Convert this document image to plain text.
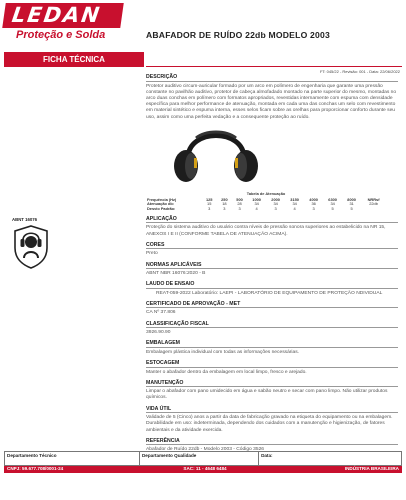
LEDAN
Proteção e Solda	ABAFADOR DE RUÍDO 22db MODELO 2003
FICHA TÉCNICA
FT: 045/22 - Revisão: 001 - Data: 22/06/2022
ABNT 16076
DESCRIÇÃO
Protetor auditivo circum-auricular formado por um arco em polímero de engenharia que garante uma pressão constante no pavilhão auditivo, protetor de cabeça almofadado montado na parte superior do mesmo, montadas no arco duas conchas em polímero com formatos apropriados, revestidas internamente com espuma com densidade específica para melhor performance de atenuação, montada em cada uma das conchas um selo com revestimento em material sintético e espuma interna, esses selos ficam sobre as orelhas para proporcionar conforto durante seu uso, assim como uma perfeita vedação e a consequente proteção ao ruído.
Tabela de Atenuação
Frequência (Hz)	125	250	500	1000	2000	3150	4000	6300	8000	NRRsf
Atenuação db:	15	18	28	34	34	34	36	34	31	22db
Desvio Padrão:	3	3	3	4	3	4	3	5	5	
APLICAÇÃO
Proteção do sistema auditivo do usuário contra níveis de pressão sonora superiores ao estabelicido na NR 15, ANEXOS I E II (CONFORME TABELA DE ATENUAÇÃO ACIMA).
CORES
Preto
NORMAS APLICÁVEIS
ABNT NBR 16076:2020 - B
LAUDO DE ENSAIO
REAT-059-2022 Laboratório: LAEPI - LABORATÓRIO DE EQUIPAMENTO DE PROTEÇÃO NDIVIDUAL
CERTIFICADO DE APROVAÇÃO - MET
CA Nº 37.806
CLASSIFICAÇÃO FISCAL
3926.90.90
EMBALAGEM
Embalagem plástica individual com todas as informações necessárias.
ESTOCAGEM
Manter o abafador dentro da embalagem em local limpo, fresco e arejado.
MANUTENÇÃO
Limpar o abafador com pano umidecido em água e sabão neutro e secar com pano limpo. Não utilizar produtos químicos.
VIDA ÚTIL
Validade de 5 (Cinco) anos a partir da data de fabricação gravado na etiqueta do equipamento ou na embalagem. Durabilidade em uso: indeterminada, dependendo dos cuidados com a manutenção e higienização, de fatores ambientais e da atividade exercida.
REFERÊNCIA
Abafador de Ruído 22db - Modelo 2003 - Código 3526
Departamento Técnico	Departamento Qualidade	Data:
CNPJ: 59.677.708/0001-24	SAC: 11 - 4648 6484	INDÚSTRIA BRASILEIRA
